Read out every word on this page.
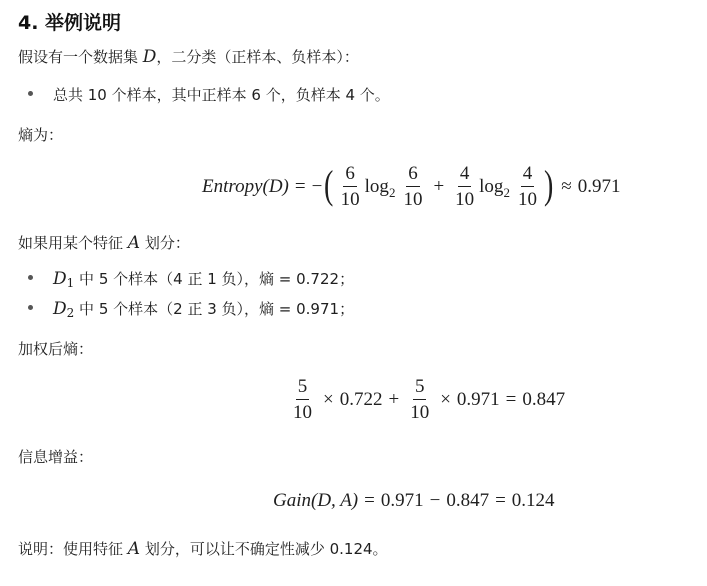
4. 举例说明
假设有一个数据集 D，二分类（正样本、负样本）：
总共 10 个样本，其中正样本 6 个，负样本 4 个。
熵为：
Entropy(D) = − ( $\frac{6}{10}$ $\log 2 \frac{6}{10} + \frac{4}{10}$ $\log 2 \frac{4}{10}$ ) ≈ 0.971
如果用某个特征 A 划分：
$D_1$ 中 5 个样本（4 正 1 负），熵 = 0.722；
$D_2$ 中 5 个样本（2 正 3 负），熵 = 0.971；
加权后熵：
$\frac{5}{10} \times 0.722 + \frac{5}{10} \times 0.971 = 0.847$
信息增益：
Gain(D, A) = 0.971 − 0.847 = 0.124
说明：使用特征 A 划分，可以让不确定性减少 0.124。
